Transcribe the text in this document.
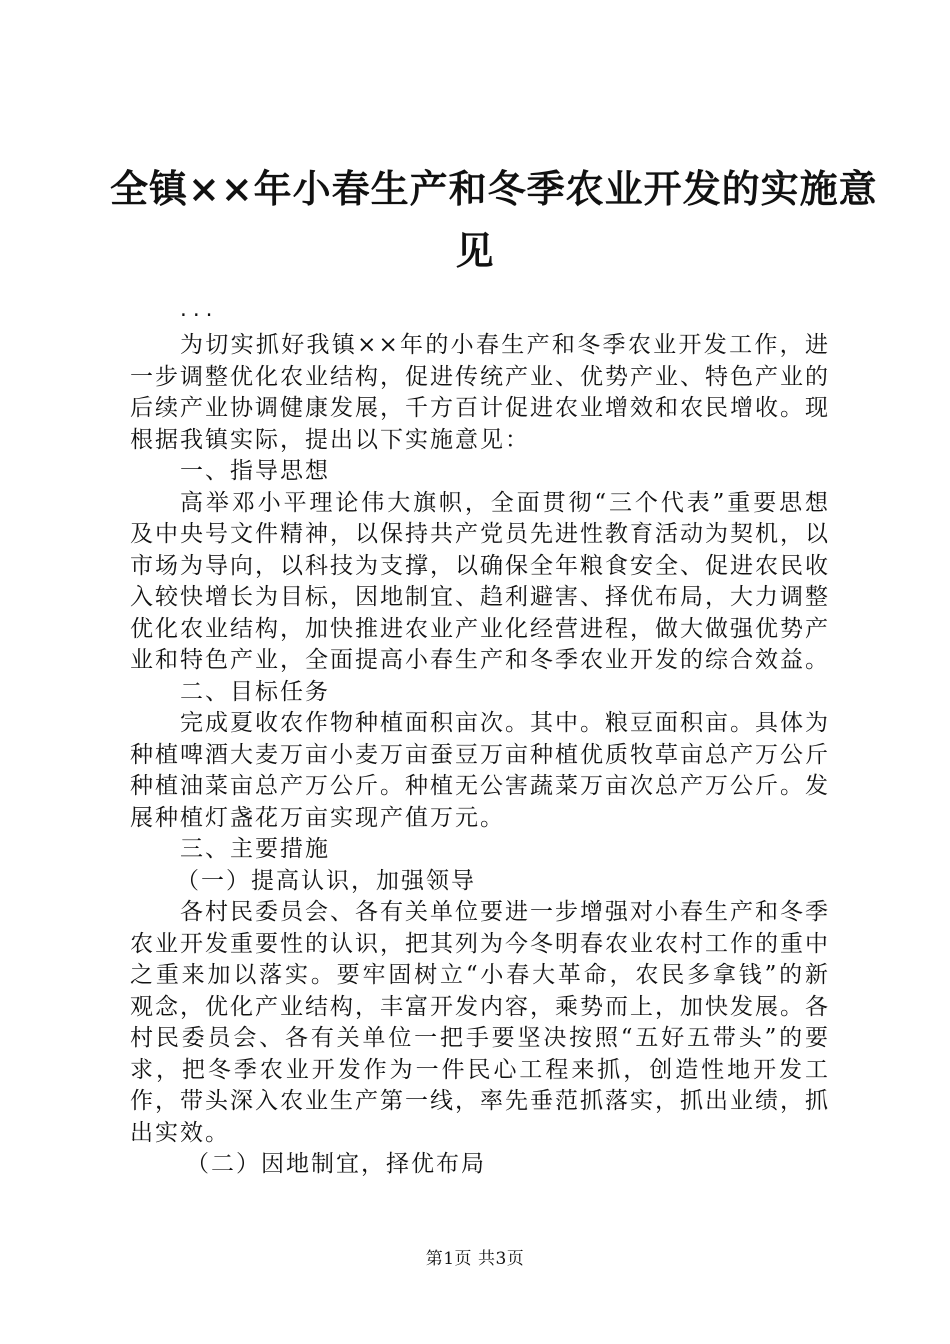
全镇××年小春生产和冬季农业开发的实施意
见
...

为切实抓好我镇××年的小春生产和冬季农业开发工作，进一步调整优化农业结构，促进传统产业、优势产业、特色产业的后续产业协调健康发展，千方百计促进农业增效和农民增收。现根据我镇实际，提出以下实施意见：

一、指导思想

高举邓小平理论伟大旗帜，全面贯彻“三个代表”重要思想及中央号文件精神，以保持共产党员先进性教育活动为契机，以市场为导向，以科技为支撑，以确保全年粮食安全、促进农民收入较快增长为目标，因地制宜、趋利避害、择优布局，大力调整优化农业结构，加快推进农业产业化经营进程，做大做强优势产业和特色产业，全面提高小春生产和冬季农业开发的综合效益。

二、目标任务

完成夏收农作物种植面积亩次。其中。粮豆面积亩。具体为种植啤酒大麦万亩小麦万亩蚕豆万亩种植优质牧草亩总产万公斤种植油菜亩总产万公斤。种植无公害蔬菜万亩次总产万公斤。发展种植灯盏花万亩实现产值万元。

三、主要措施

（一）提高认识，加强领导

各村民委员会、各有关单位要进一步增强对小春生产和冬季农业开发重要性的认识，把其列为今冬明春农业农村工作的重中之重来加以落实。要牢固树立“小春大革命，农民多拿钱”的新观念，优化产业结构，丰富开发内容，乘势而上，加快发展。各村民委员会、各有关单位一把手要坚决按照“五好五带头”的要求，把冬季农业开发作为一件民心工程来抓，创造性地开发工作，带头深入农业生产第一线，率先垂范抓落实，抓出业绩，抓出实效。

（二）因地制宜，择优布局

第1页 共3页
